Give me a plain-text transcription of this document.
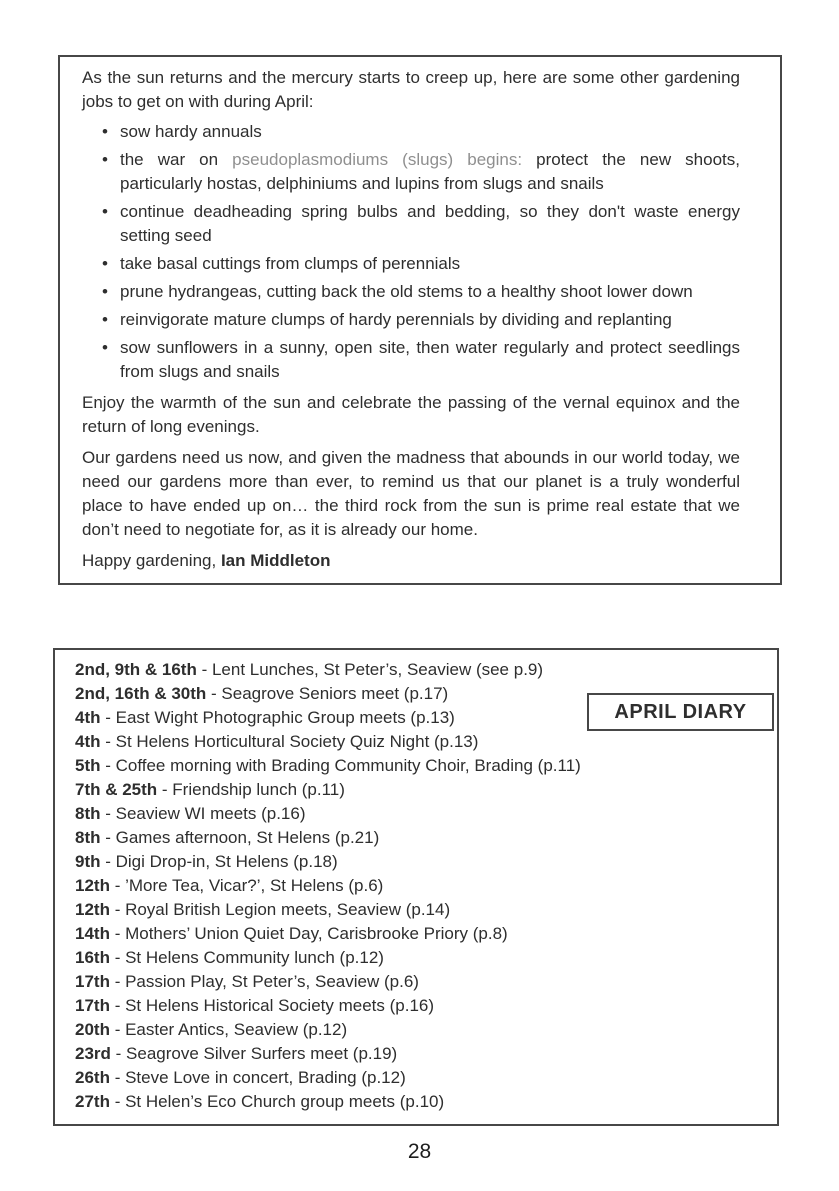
As the sun returns and the mercury starts to creep up, here are some other gardening jobs to get on with during April:

• sow hardy annuals
• the war on pseudoplasmodiums (slugs) begins: protect the new shoots, particularly hostas, delphiniums and lupins from slugs and snails
• continue deadheading spring bulbs and bedding, so they don't waste energy setting seed
• take basal cuttings from clumps of perennials
• prune hydrangeas, cutting back the old stems to a healthy shoot lower down
• reinvigorate mature clumps of hardy perennials by dividing and replanting
• sow sunflowers in a sunny, open site, then water regularly and protect seedlings from slugs and snails

Enjoy the warmth of the sun and celebrate the passing of the vernal equinox and the return of long evenings.

Our gardens need us now, and given the madness that abounds in our world today, we need our gardens more than ever, to remind us that our planet is a truly wonderful place to have ended up on… the third rock from the sun is prime real estate that we don’t need to negotiate for, as it is already our home.

Happy gardening, Ian Middleton

APRIL DIARY
2nd, 9th & 16th - Lent Lunches, St Peter’s, Seaview (see p.9)
2nd, 16th & 30th - Seagrove Seniors meet (p.17)
4th - East Wight Photographic Group meets (p.13)
4th - St Helens Horticultural Society Quiz Night (p.13)
5th - Coffee morning with Brading Community Choir, Brading (p.11)
7th & 25th - Friendship lunch (p.11)
8th - Seaview WI meets (p.16)
8th - Games afternoon, St Helens (p.21)
9th - Digi Drop-in, St Helens (p.18)
12th - ’More Tea, Vicar?’, St Helens (p.6)
12th - Royal British Legion meets, Seaview (p.14)
14th - Mothers’ Union Quiet Day, Carisbrooke Priory (p.8)
16th - St Helens Community lunch (p.12)
17th - Passion Play, St Peter’s, Seaview (p.6)
17th - St Helens Historical Society meets (p.16)
20th - Easter Antics, Seaview (p.12)
23rd - Seagrove Silver Surfers meet (p.19)
26th - Steve Love in concert, Brading (p.12)
27th - St Helen’s Eco Church group meets (p.10)
28
